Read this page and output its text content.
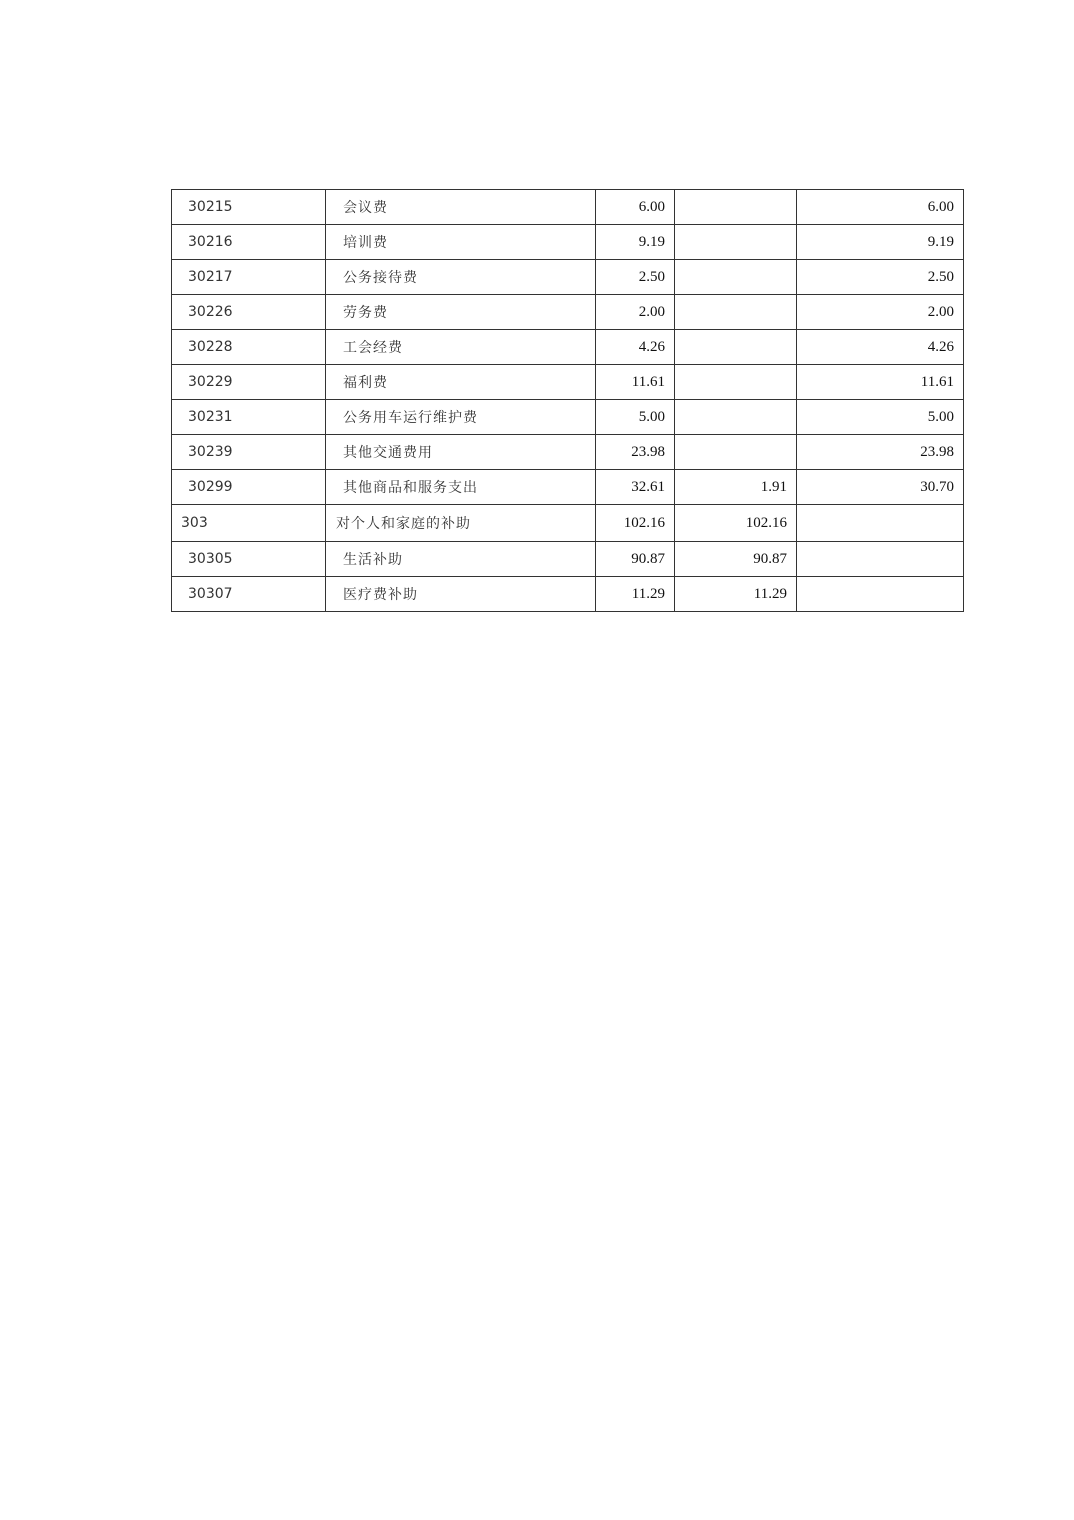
30215	会议费	6.00		6.00
30216	培训费	9.19		9.19
30217	公务接待费	2.50		2.50
30226	劳务费	2.00		2.00
30228	工会经费	4.26		4.26
30229	福利费	11.61		11.61
30231	公务用车运行维护费	5.00		5.00
30239	其他交通费用	23.98		23.98
30299	其他商品和服务支出	32.61	1.91	30.70
303	对个人和家庭的补助	102.16	102.16	
30305	生活补助	90.87	90.87	
30307	医疗费补助	11.29	11.29	
